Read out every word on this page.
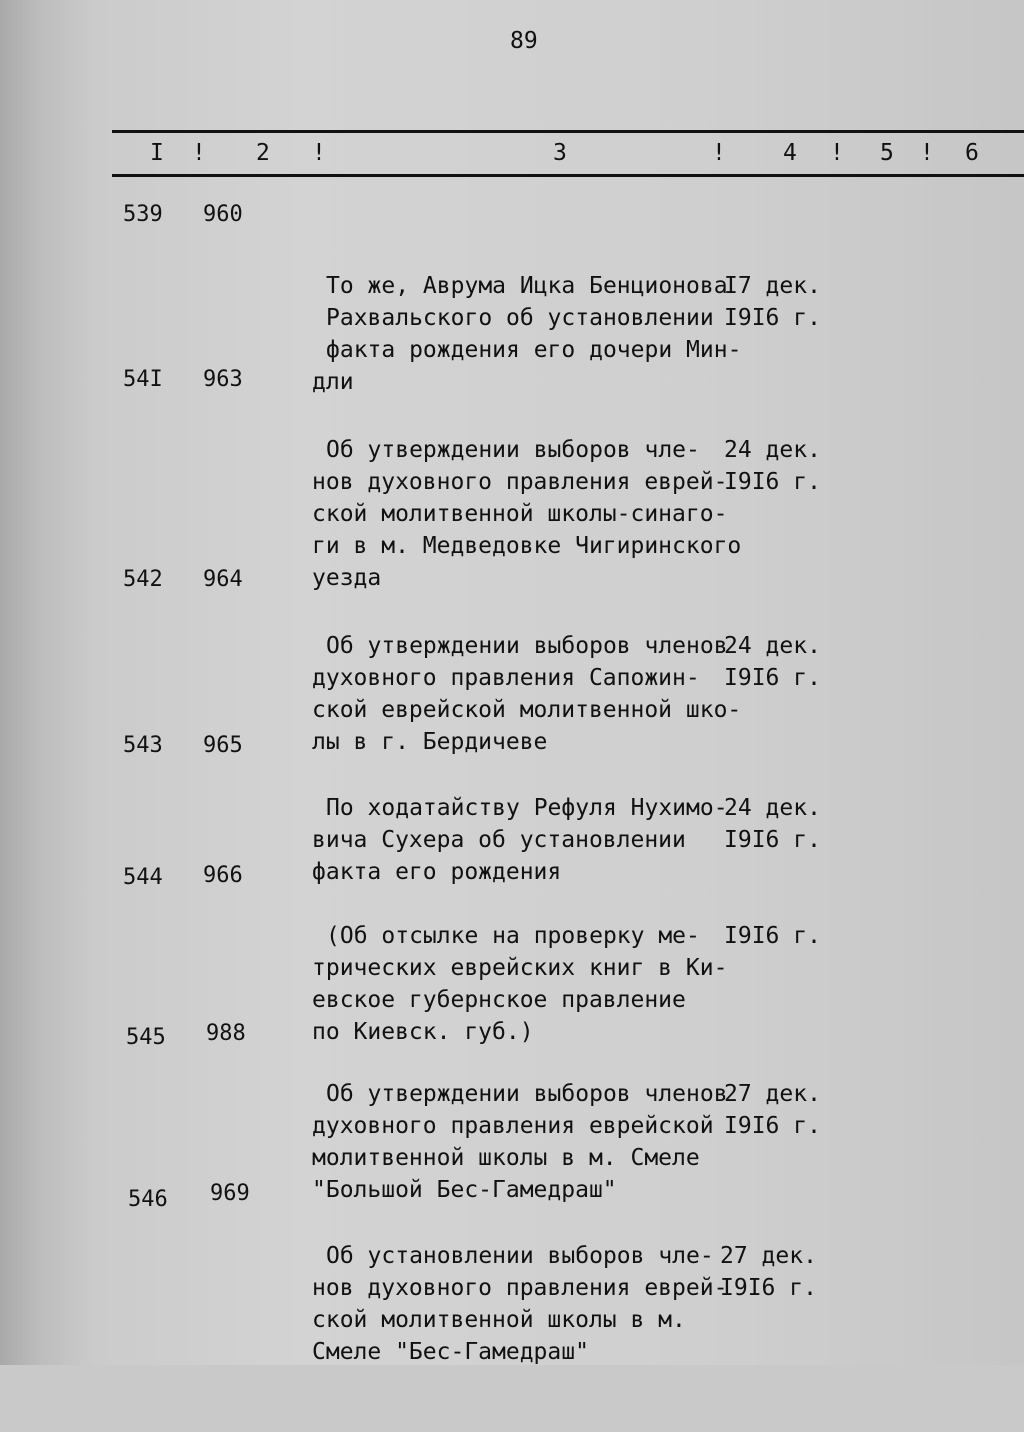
89
I ! 2 !	3	! 4 ! 5 ! 6
539 960

То же, Аврума Ицка Бенционова
Рахвальского об установлении
факта рождения его дочери Мин-
дли

I7 дек.
I9I6 г.

54I 963

Об утверждении выборов чле-
нов духовного правления еврей-
ской молитвенной школы-синаго-
ги в м. Медведовке Чигиринского
уезда

24 дек.
I9I6 г.

542 964

Об утверждении выборов членов
духовного правления Сапожин-
ской еврейской молитвенной шко-
лы в г. Бердичеве

24 дек.
I9I6 г.

543 965

По ходатайству Рефуля Нухимо-
вича Сухера об установлении
факта его рождения

24 дек.
I9I6 г.

544 966

(Об отсылке на проверку ме-
трических еврейских книг в Ки-
евское губернское правление
по Киевск. губ.)

I9I6 г.

545 988

Об утверждении выборов членов
духовного правления еврейской
молитвенной школы в м. Смеле
"Большой Бес-Гамедраш"

27 дек.
I9I6 г.

546 969

Об установлении выборов чле-
нов духовного правления еврей-
ской молитвенной школы в м.
Смеле "Бес-Гамедраш"

27 дек.
I9I6 г.
